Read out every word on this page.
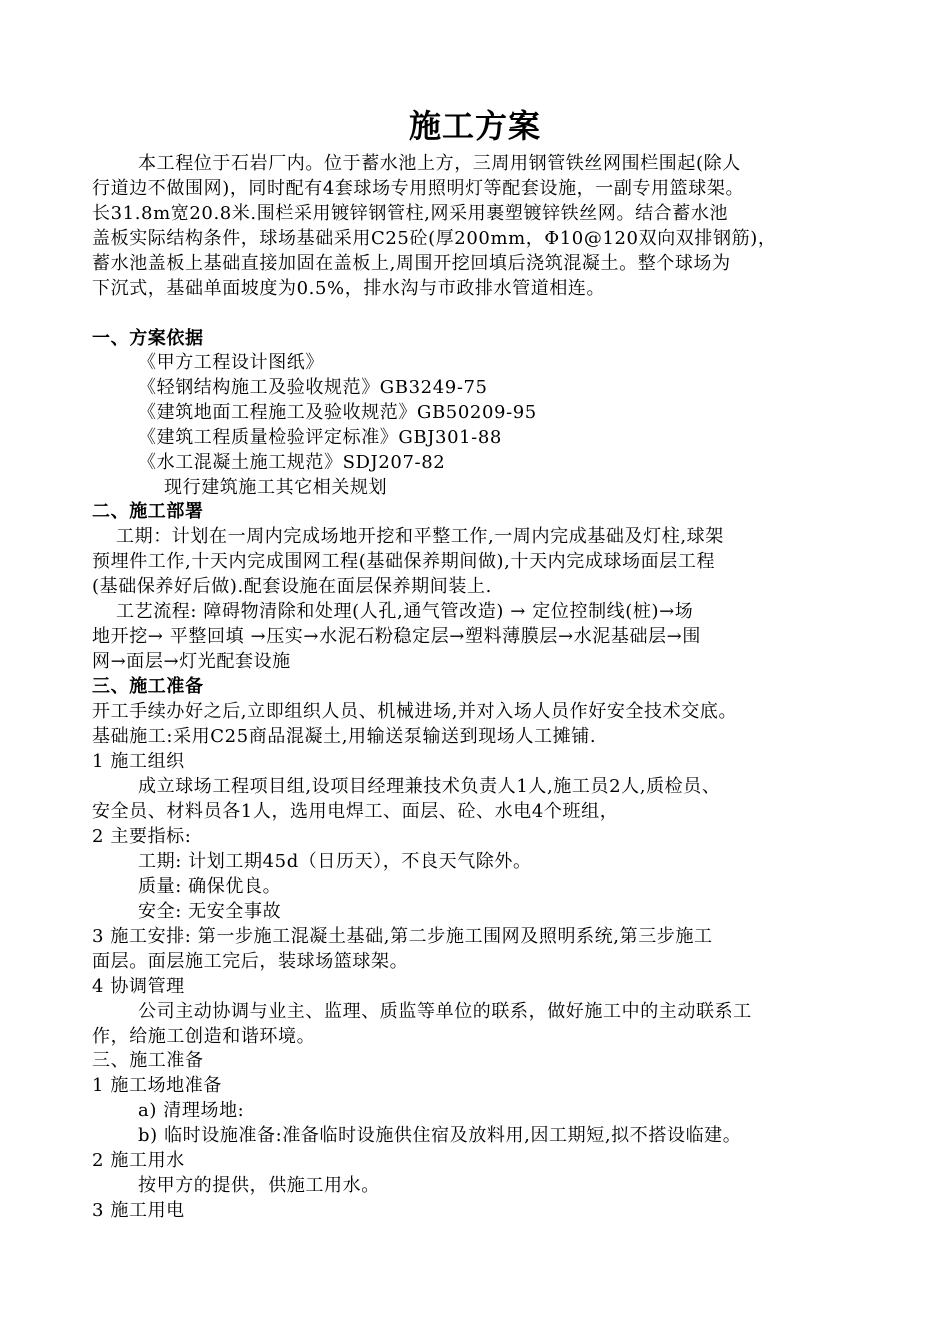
施工方案
本工程位于石岩厂内。位于蓄水池上方，三周用钢管铁丝网围栏围起(除人
行道边不做围网)，同时配有4套球场专用照明灯等配套设施，一副专用篮球架。
长31.8m宽20.8米.围栏采用镀锌钢管柱,网采用裹塑镀锌铁丝网。结合蓄水池
盖板实际结构条件，球场基础采用C25砼(厚200mm，Φ10@120双向双排钢筋)，
蓄水池盖板上基础直接加固在盖板上,周围开挖回填后浇筑混凝土。整个球场为
下沉式，基础单面坡度为0.5%，排水沟与市政排水管道相连。
一、方案依据
《甲方工程设计图纸》
《轻钢结构施工及验收规范》GB3249-75
《建筑地面工程施工及验收规范》GB50209-95
《建筑工程质量检验评定标准》GBJ301-88
《水工混凝土施工规范》SDJ207-82
现行建筑施工其它相关规划
二、施工部署
工期：计划在一周内完成场地开挖和平整工作,一周内完成基础及灯柱,球架
预埋件工作,十天内完成围网工程(基础保养期间做),十天内完成球场面层工程
(基础保养好后做).配套设施在面层保养期间装上.
工艺流程: 障碍物清除和处理(人孔,通气管改造) → 定位控制线(桩)→场
地开挖→ 平整回填 →压实→水泥石粉稳定层→塑料薄膜层→水泥基础层→围
网→面层→灯光配套设施
三、施工准备
开工手续办好之后,立即组织人员、机械进场,并对入场人员作好安全技术交底。
基础施工:采用C25商品混凝土,用输送泵输送到现场人工摊铺.
1 施工组织
成立球场工程项目组,设项目经理兼技术负责人1人,施工员2人,质检员、
安全员、材料员各1人，选用电焊工、面层、砼、水电4个班组，
2 主要指标:
工期: 计划工期45d（日历天），不良天气除外。
质量: 确保优良。
安全: 无安全事故
3 施工安排: 第一步施工混凝土基础,第二步施工围网及照明系统,第三步施工
面层。面层施工完后，装球场篮球架。
4 协调管理
公司主动协调与业主、监理、质监等单位的联系，做好施工中的主动联系工
作，给施工创造和谐环境。
三、施工准备
1 施工场地准备
a) 清理场地:
b) 临时设施准备:准备临时设施供住宿及放料用,因工期短,拟不搭设临建。
2 施工用水
按甲方的提供，供施工用水。
3 施工用电
